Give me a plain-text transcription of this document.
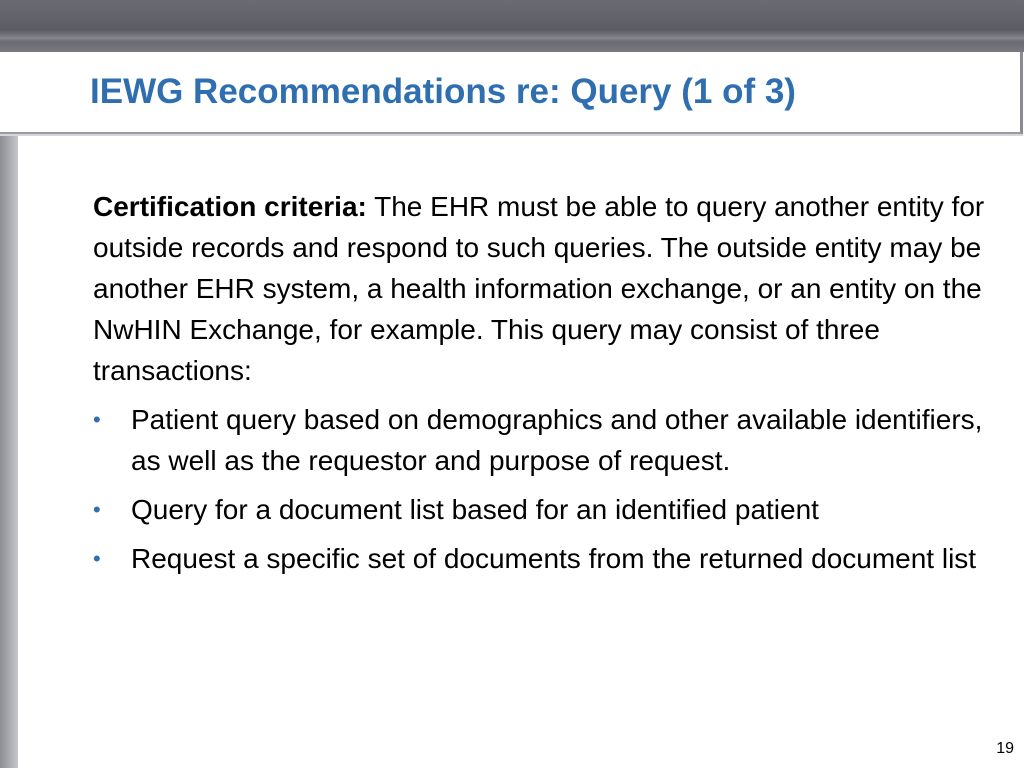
IEWG Recommendations re: Query (1 of 3)

Certification criteria: The EHR must be able to query another entity for outside records and respond to such queries. The outside entity may be another EHR system, a health information exchange, or an entity on the NwHIN Exchange, for example. This query may consist of three transactions:

• Patient query based on demographics and other available identifiers, as well as the requestor and purpose of request.
• Query for a document list based for an identified patient
• Request a specific set of documents from the returned document list
19
